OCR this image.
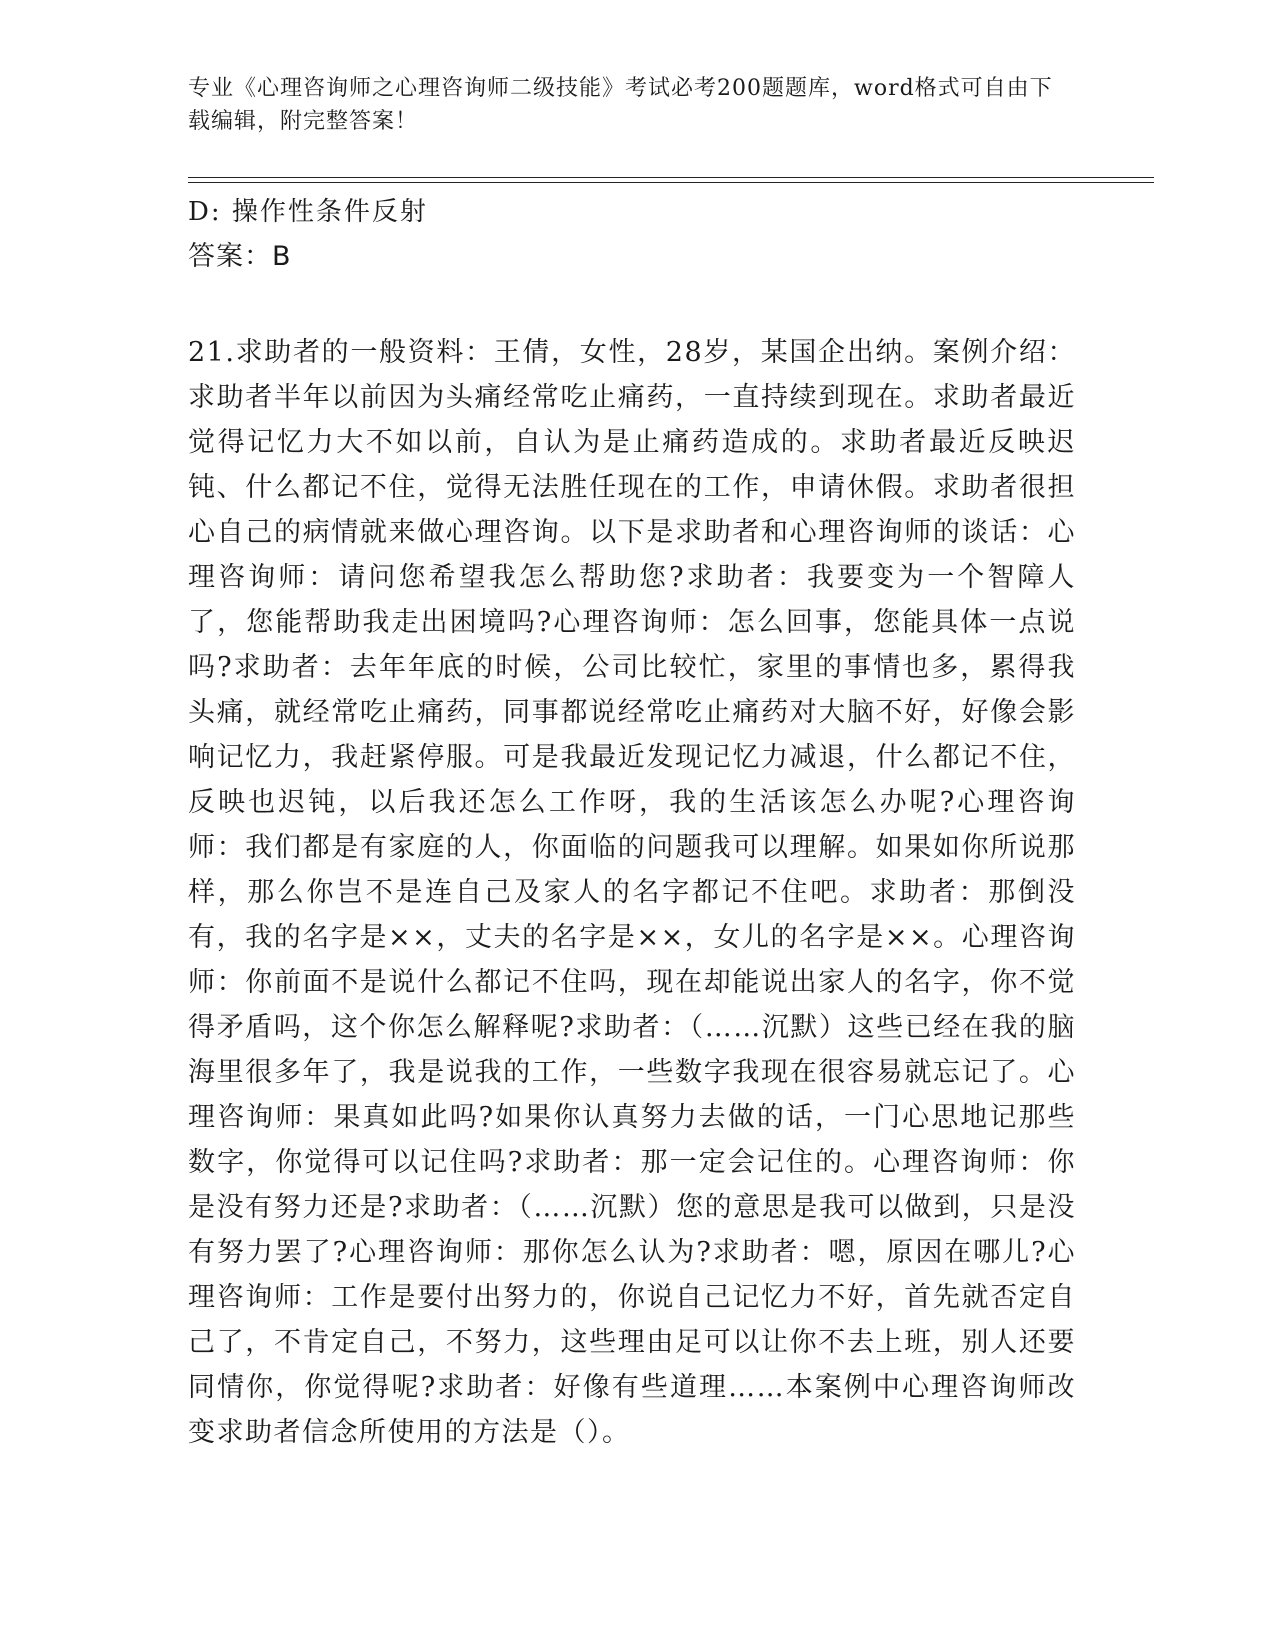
专业《心理咨询师之心理咨询师二级技能》考试必考200题题库，word格式可自由下载编辑，附完整答案！

D: 操作性条件反射

答案：B

21.求助者的一般资料：王倩，女性，28岁，某国企出纳。案例介绍：求助者半年以前因为头痛经常吃止痛药，一直持续到现在。求助者最近觉得记忆力大不如以前，自认为是止痛药造成的。求助者最近反映迟钝、什么都记不住，觉得无法胜任现在的工作，申请休假。求助者很担心自己的病情就来做心理咨询。以下是求助者和心理咨询师的谈话：心理咨询师：请问您希望我怎么帮助您?求助者：我要变为一个智障人了，您能帮助我走出困境吗?心理咨询师：怎么回事，您能具体一点说吗?求助者：去年年底的时候，公司比较忙，家里的事情也多，累得我头痛，就经常吃止痛药，同事都说经常吃止痛药对大脑不好，好像会影响记忆力，我赶紧停服。可是我最近发现记忆力减退，什么都记不住，反映也迟钝，以后我还怎么工作呀，我的生活该怎么办呢?心理咨询师：我们都是有家庭的人，你面临的问题我可以理解。如果如你所说那样，那么你岂不是连自己及家人的名字都记不住吧。求助者：那倒没有，我的名字是××，丈夫的名字是××，女儿的名字是××。心理咨询师：你前面不是说什么都记不住吗，现在却能说出家人的名字，你不觉得矛盾吗，这个你怎么解释呢?求助者：（……沉默）这些已经在我的脑海里很多年了，我是说我的工作，一些数字我现在很容易就忘记了。心理咨询师：果真如此吗?如果你认真努力去做的话，一门心思地记那些数字，你觉得可以记住吗?求助者：那一定会记住的。心理咨询师：你是没有努力还是?求助者：（……沉默）您的意思是我可以做到，只是没有努力罢了?心理咨询师：那你怎么认为?求助者：嗯，原因在哪儿?心理咨询师：工作是要付出努力的，你说自己记忆力不好，首先就否定自己了，不肯定自己，不努力，这些理由足可以让你不去上班，别人还要同情你，你觉得呢?求助者：好像有些道理……本案例中心理咨询师改变求助者信念所使用的方法是（）。
